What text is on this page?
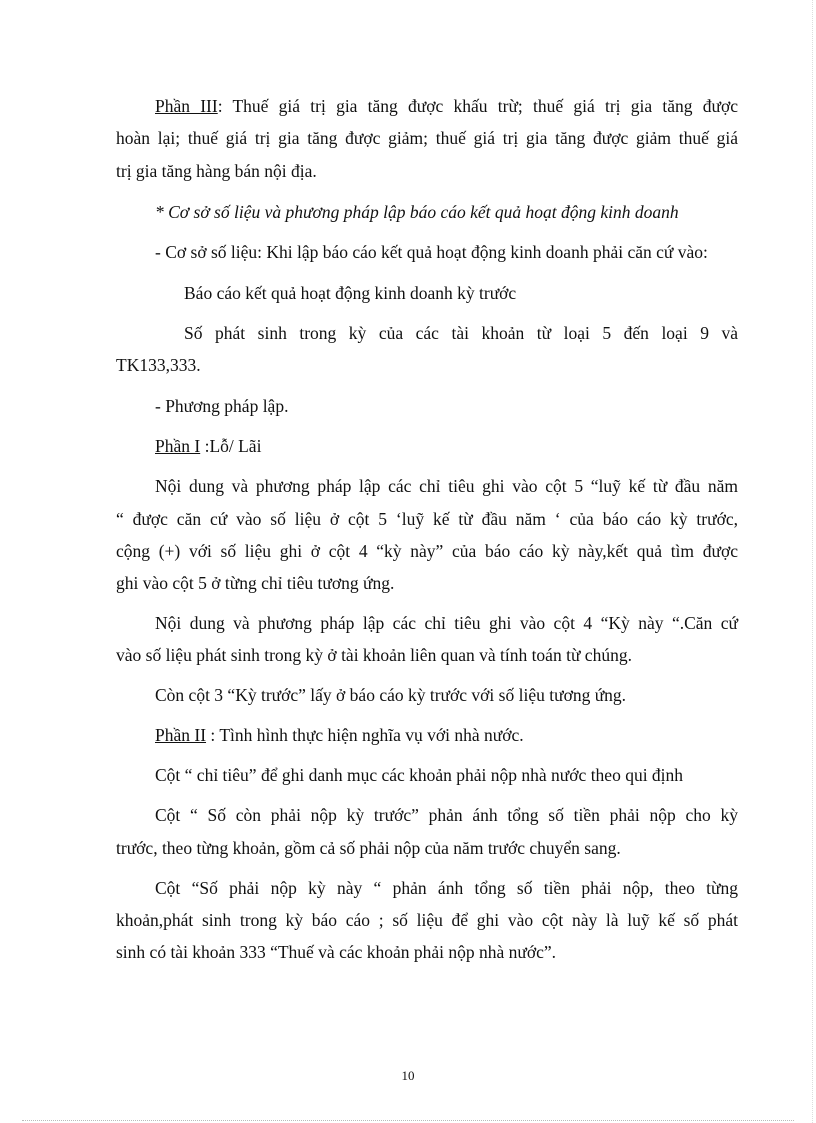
Phần III: Thuế giá trị gia tăng được khấu trừ; thuế giá trị gia tăng được

hoàn lại; thuế giá trị gia tăng được giảm; thuế giá trị gia tăng được giảm thuế giá

trị gia tăng hàng bán nội địa.

* Cơ sở số liệu và phương pháp lập báo cáo kết quả hoạt động kinh doanh

- Cơ sở số liệu: Khi lập báo cáo kết quả hoạt động kinh doanh phải căn cứ vào:

Báo cáo kết quả hoạt động kinh doanh kỳ trước

Số phát sinh trong kỳ của các tài khoản từ loại 5 đến loại 9 và

TK133,333.

- Phương pháp lập.

Phần I :Lỗ/ Lãi

Nội dung và phương pháp lập các chỉ tiêu ghi vào cột 5 “luỹ kế từ đầu năm

“ được căn cứ vào số liệu ở cột 5 ‘luỹ kế từ đầu năm ‘ của báo cáo kỳ trước,

cộng (+) với số liệu ghi ở cột 4 “kỳ này” của báo cáo kỳ này,kết quả tìm được

ghi vào cột 5 ở từng chỉ tiêu tương ứng.

Nội dung và phương pháp lập các chỉ tiêu ghi vào cột 4 “Kỳ này “.Căn cứ

vào số liệu phát sinh trong kỳ ở tài khoản liên quan và tính toán từ chúng.

Còn cột 3 “Kỳ trước” lấy ở báo cáo kỳ trước với số liệu tương ứng.

Phần II : Tình hình thực hiện nghĩa vụ với nhà nước.

Cột “ chỉ tiêu” để ghi danh mục các khoản phải nộp nhà nước theo qui định

Cột “ Số còn phải nộp kỳ trước” phản ánh tổng số tiền phải nộp cho kỳ

trước, theo từng khoản, gồm cả số phải nộp của năm trước chuyển sang.

Cột “Số phải nộp kỳ này “ phản ánh tổng số tiền phải nộp, theo từng

khoản,phát sinh trong kỳ báo cáo ; số liệu để ghi vào cột này là luỹ kế số phát

sinh có tài khoản 333 “Thuế và các khoản phải nộp nhà nước”.

10
